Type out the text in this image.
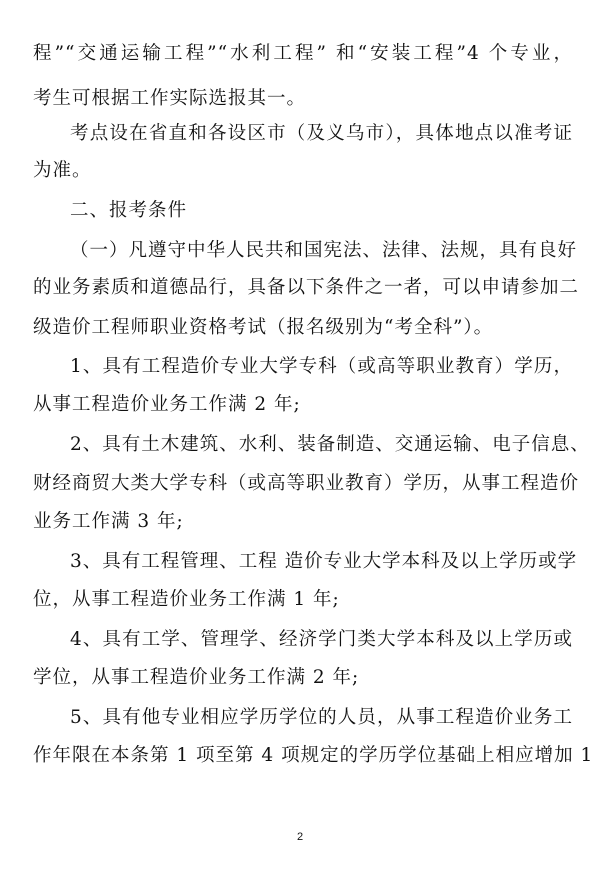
程”“交通运输工程”“水利工程” 和“安装工程”4 个专业，
考生可根据工作实际选报其一。
考点设在省直和各设区市（及义乌市），具体地点以准考证
为准。
二、报考条件
（一）凡遵守中华人民共和国宪法、法律、法规，具有良好
的业务素质和道德品行，具备以下条件之一者，可以申请参加二
级造价工程师职业资格考试（报名级别为“考全科”）。
1、具有工程造价专业大学专科（或高等职业教育）学历，
从事工程造价业务工作满 2 年;
2、具有土木建筑、水利、装备制造、交通运输、电子信息、
财经商贸大类大学专科（或高等职业教育）学历，从事工程造价
业务工作满 3 年;
3、具有工程管理、工程 造价专业大学本科及以上学历或学
位，从事工程造价业务工作满 1 年;
4、具有工学、管理学、经济学门类大学本科及以上学历或
学位，从事工程造价业务工作满 2 年;
5、具有他专业相应学历学位的人员，从事工程造价业务工
作年限在本条第 1 项至第 4 项规定的学历学位基础上相应增加 1
2
